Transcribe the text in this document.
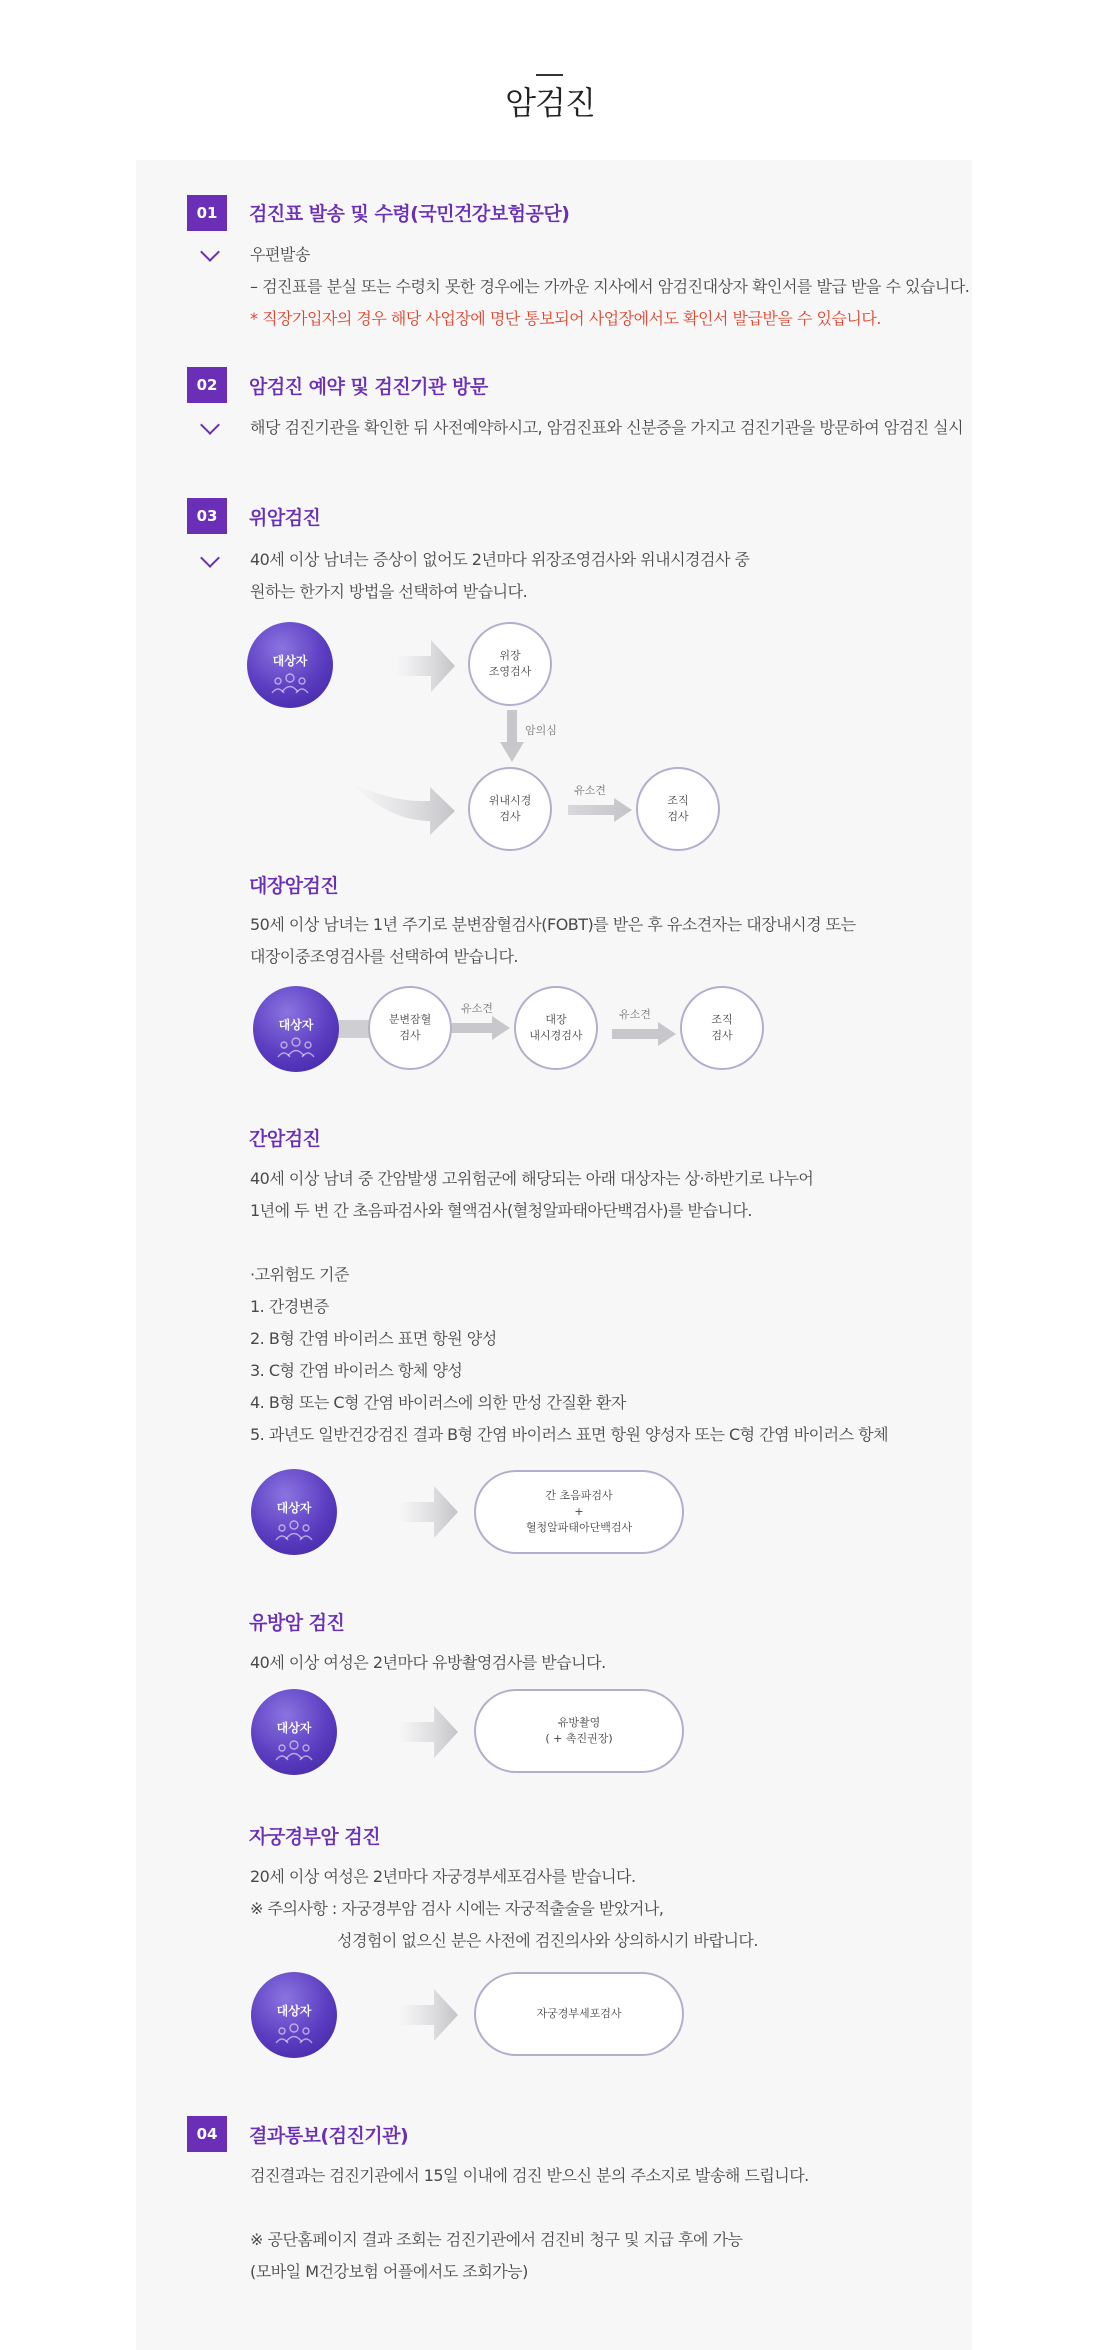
암검진
01	검진표 발송 및 수령(국민건강보험공단)
우편발송
– 검진표를 분실 또는 수령치 못한 경우에는 가까운 지사에서 암검진대상자 확인서를 발급 받을 수 있습니다.
* 직장가입자의 경우 해당 사업장에 명단 통보되어 사업장에서도 확인서 발급받을 수 있습니다.
02	암검진 예약 및 검진기관 방문
해당 검진기관을 확인한 뒤 사전예약하시고, 암검진표와 신분증을 가지고 검진기관을 방문하여 암검진 실시
03	위암검진
40세 이상 남녀는 증상이 없어도 2년마다 위장조영검사와 위내시경검사 중
원하는 한가지 방법을 선택하여 받습니다.
대상자	위장
조영검사
암의심
위내시경
검사
유소견
조직
검사
대장암검진
50세 이상 남녀는 1년 주기로 분변잠혈검사(FOBT)를 받은 후 유소견자는 대장내시경 또는
대장이중조영검사를 선택하여 받습니다.
대상자	분변잠혈
검사
유소견
대장
내시경검사
유소견	조직
검사
간암검진
40세 이상 남녀 중 간암발생 고위험군에 해당되는 아래 대상자는 상·하반기로 나누어
1년에 두 번 간 초음파검사와 혈액검사(혈청알파태아단백검사)를 받습니다.
·고위험도 기준
1. 간경변증
2. B형 간염 바이러스 표면 항원 양성
3. C형 간염 바이러스 항체 양성
4. B형 또는 C형 간염 바이러스에 의한 만성 간질환 환자
5. 과년도 일반건강검진 결과 B형 간염 바이러스 표면 항원 양성자 또는 C형 간염 바이러스 항체
대상자
간 초음파검사
+
혈청알파태아단백검사
유방암 검진
40세 이상 여성은 2년마다 유방촬영검사를 받습니다.
대상자	유방촬영
( + 촉진권장)
자궁경부암 검진
20세 이상 여성은 2년마다 자궁경부세포검사를 받습니다.
※ 주의사항 : 자궁경부암 검사 시에는 자궁적출술을 받았거나,
성경험이 없으신 분은 사전에 검진의사와 상의하시기 바랍니다.
대상자	자궁경부세포검사
04	결과통보(검진기관)
검진결과는 검진기관에서 15일 이내에 검진 받으신 분의 주소지로 발송해 드립니다.
※ 공단홈페이지 결과 조회는 검진기관에서 검진비 청구 및 지급 후에 가능
(모바일 M건강보험 어플에서도 조회가능)
